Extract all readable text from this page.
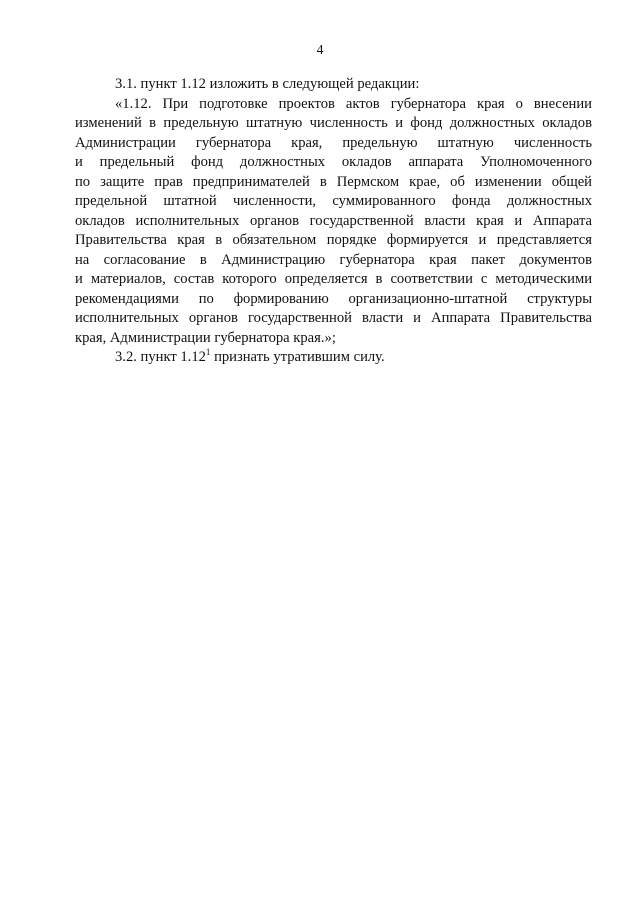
4
3.1. пункт 1.12 изложить в следующей редакции:
«1.12. При подготовке проектов актов губернатора края о внесении
изменений в предельную штатную численность и фонд должностных окладов
Администрации губернатора края, предельную штатную численность
и предельный фонд должностных окладов аппарата Уполномоченного
по защите прав предпринимателей в Пермском крае, об изменении общей
предельной штатной численности, суммированного фонда должностных
окладов исполнительных органов государственной власти края и Аппарата
Правительства края в обязательном порядке формируется и представляется
на согласование в Администрацию губернатора края пакет документов
и материалов, состав которого определяется в соответствии с методическими
рекомендациями по формированию организационно-штатной структуры
исполнительных органов государственной власти и Аппарата Правительства
края, Администрации губернатора края.»;
3.2. пункт 1.12$^1$ признать утратившим силу.
